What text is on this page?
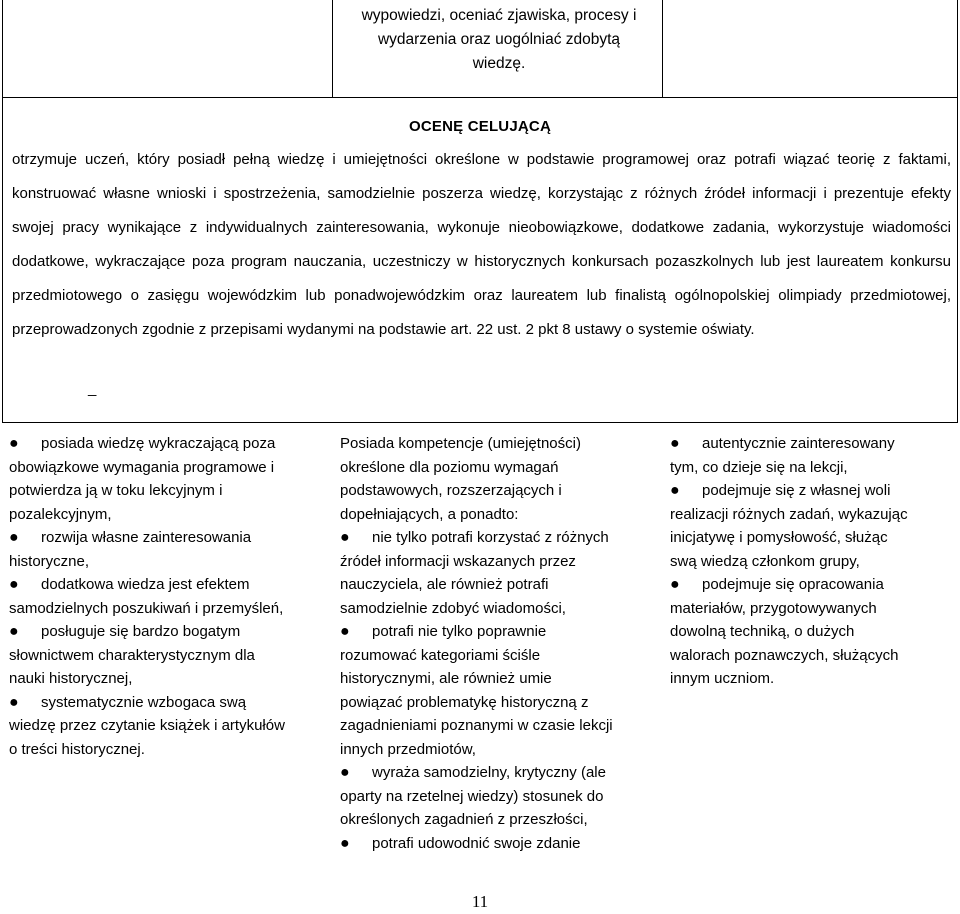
wypowiedzi, oceniać zjawiska, procesy i
wydarzenia oraz uogólniać zdobytą
wiedzę.
OCENĘ CELUJĄCĄ
otrzymuje uczeń, który posiadł pełną wiedzę i umiejętności określone w podstawie programowej oraz potrafi wiązać teorię z faktami, konstruować własne wnioski i spostrzeżenia, samodzielnie poszerza wiedzę, korzystając z różnych źródeł informacji i prezentuje efekty swojej pracy wynikające z indywidualnych zainteresowania, wykonuje nieobowiązkowe, dodatkowe zadania, wykorzystuje wiadomości dodatkowe, wykraczające poza program nauczania, uczestniczy w historycznych konkursach pozaszkolnych lub jest laureatem konkursu przedmiotowego o zasięgu wojewódzkim lub ponadwojewódzkim oraz laureatem lub finalistą ogólnopolskiej olimpiady przedmiotowej, przeprowadzonych zgodnie z przepisami wydanymi na podstawie art. 22 ust. 2 pkt 8 ustawy o systemie oświaty.
_

●	posiada wiedzę wykraczającą poza
obowiązkowe wymagania programowe i
potwierdza ją w toku lekcyjnym i
pozalekcyjnym,

●	rozwija własne zainteresowania
historyczne,

●	dodatkowa wiedza jest efektem
samodzielnych poszukiwań i przemyśleń,

●	posługuje się bardzo bogatym
słownictwem charakterystycznym dla
nauki historycznej,

●	systematycznie wzbogaca swą
wiedzę przez czytanie książek i artykułów
o treści historycznej.

Posiada kompetencje (umiejętności)
określone dla poziomu wymagań
podstawowych, rozszerzających i
dopełniających, a ponadto:

●	nie tylko potrafi korzystać z różnych
źródeł informacji wskazanych przez
nauczyciela, ale również potrafi
samodzielnie zdobyć wiadomości,

●	potrafi nie tylko poprawnie
rozumować kategoriami ściśle
historycznymi, ale również umie
powiązać problematykę historyczną z
zagadnieniami poznanymi w czasie lekcji
innych przedmiotów,

●	wyraża samodzielny, krytyczny (ale
oparty na rzetelnej wiedzy) stosunek do
określonych zagadnień z przeszłości,

●	potrafi udowodnić swoje zdanie

●	autentycznie zainteresowany
tym, co dzieje się na lekcji,

●	podejmuje się z własnej woli
realizacji różnych zadań, wykazując
inicjatywę i pomysłowość, służąc
swą wiedzą członkom grupy,

●	podejmuje się opracowania
materiałów, przygotowywanych
dowolną techniką, o dużych
walorach poznawczych, służących
innym uczniom.

11
